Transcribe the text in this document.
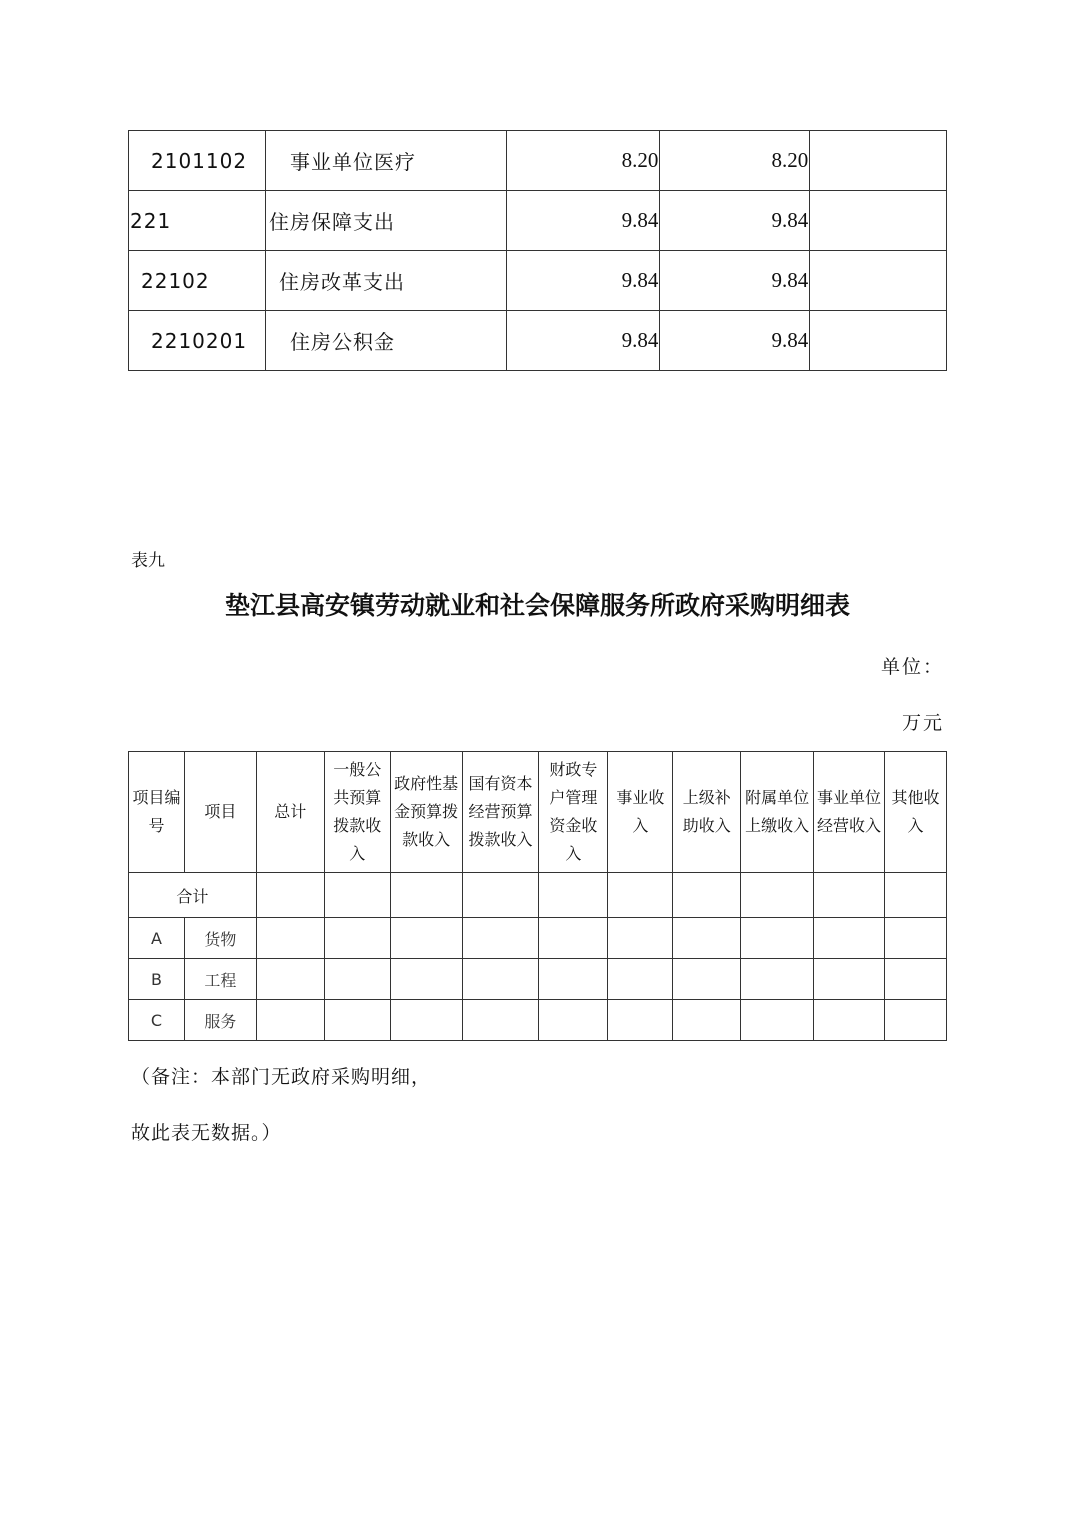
2101102	事业单位医疗	8.20	8.20	
221	住房保障支出	9.84	9.84	
22102	住房改革支出	9.84	9.84	
2210201	住房公积金	9.84	9.84	
表九
垫江县高安镇劳动就业和社会保障服务所政府采购明细表
单位：
万元
项目编号	项目	总计	一般公共预算拨款收入	政府性基金预算拨款收入	国有资本经营预算拨款收入	财政专户管理资金收入	事业收入	上级补助收入	附属单位上缴收入	事业单位经营收入	其他收入
合计											
A	货物										
B	工程										
C	服务										
（备注：本部门无政府采购明细，
故此表无数据。）
